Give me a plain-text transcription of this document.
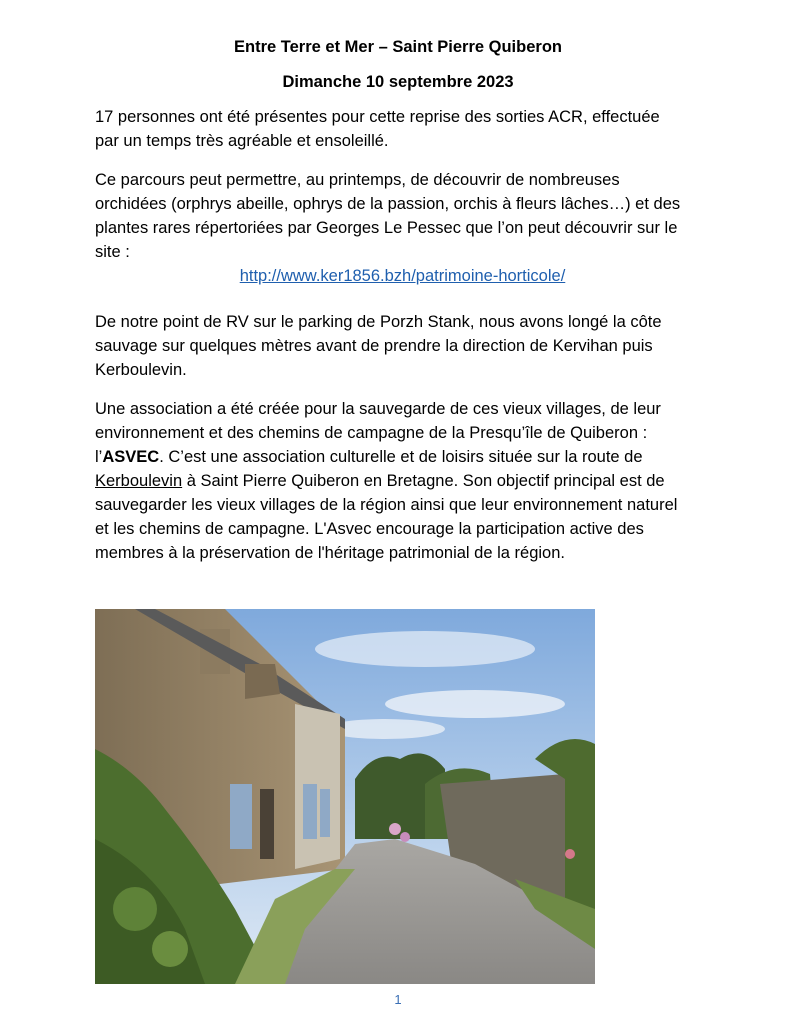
Entre Terre et Mer – Saint Pierre Quiberon
Dimanche 10 septembre 2023
17 personnes ont été présentes pour cette reprise des sorties ACR, effectuée
par un temps très agréable et ensoleillé.
Ce parcours peut permettre, au printemps, de découvrir de nombreuses
orchidées (orphrys abeille, ophrys de la passion, orchis à fleurs lâches…) et des
plantes rares répertoriées par Georges Le Pessec que l’on peut découvrir sur le
site :
http://www.ker1856.bzh/patrimoine-horticole/
De notre point de RV sur le parking de Porzh Stank, nous avons longé la côte
sauvage sur quelques mètres avant de prendre la direction de Kervihan puis
Kerboulevin.
Une association a été créée pour la sauvegarde de ces vieux villages, de leur
environnement et des chemins de campagne de la Presqu’île de Quiberon :
l’ASVEC. C’est une association culturelle et de loisirs située sur la route de
Kerboulevin à Saint Pierre Quiberon en Bretagne. Son objectif principal est de
sauvegarder les vieux villages de la région ainsi que leur environnement naturel
et les chemins de campagne. L'Asvec encourage la participation active des
membres à la préservation de l'héritage patrimonial de la région.
1
